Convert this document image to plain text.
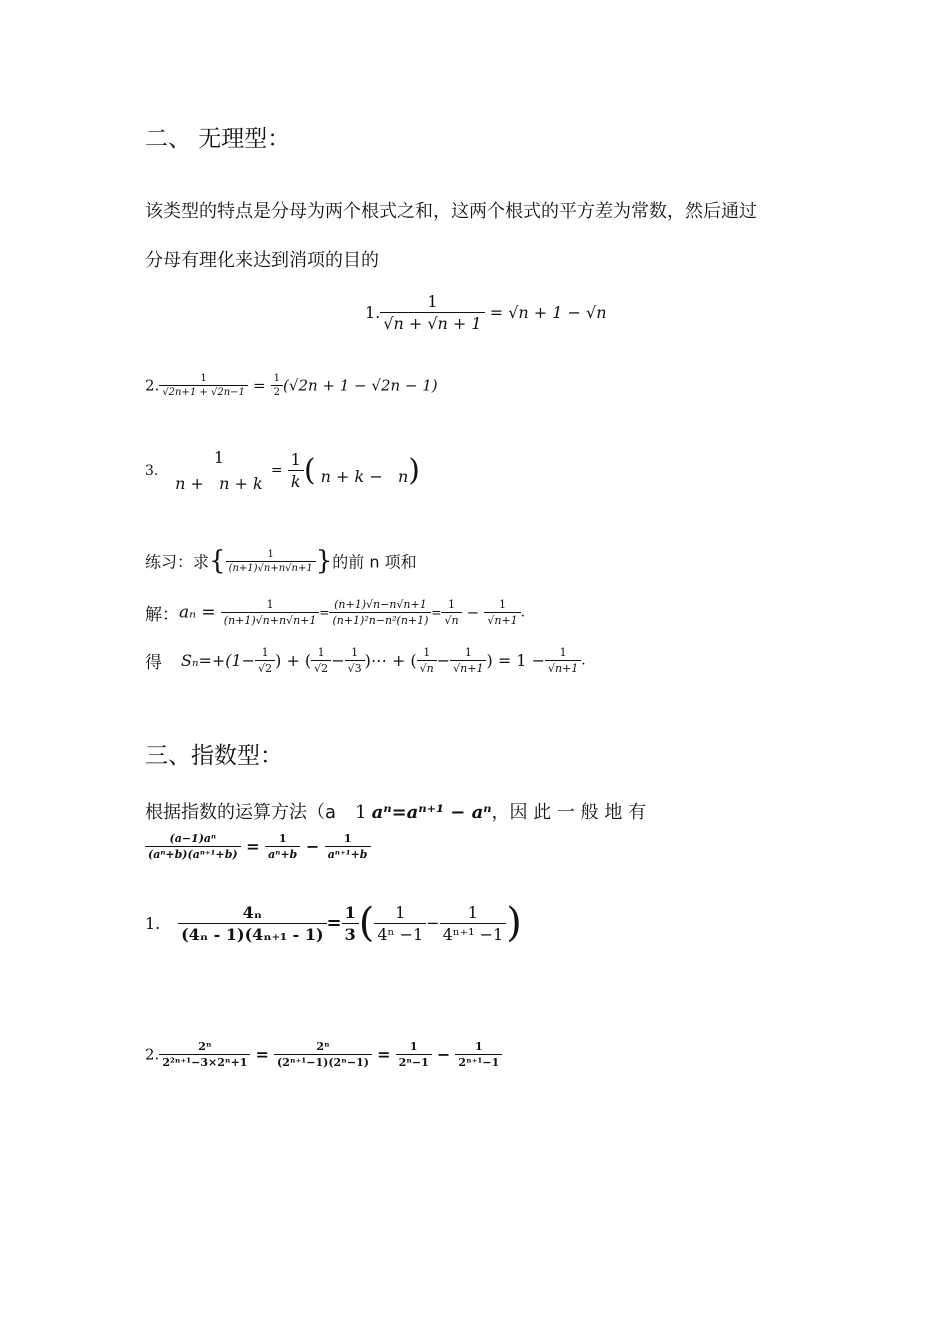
二、 无理型：
该类型的特点是分母为两个根式之和，这两个根式的平方差为常数，然后通过
分母有理化来达到消项的目的
1. $\frac{1}{√n + √n + 1} = √n + 1 - √n$
2. $\frac{1}{√2n+1 + √2n-1} = \frac{1}{2} (√2n + 1 - √2n - 1)$
3.
1
n +   n + k
= $\frac{1}{k}$ ( n + k −   n)
练习：求{ $\frac{1}{(n+1)√n+n√n+1}$ }的前 n 项和
解：$a_n = \frac{1}{(n+1)√n+n√n+1} = \frac{(n+1)√n-n√n+1}{\text{(n+1)²n−n²(n+1)}} = \frac{1}{√n} - \frac{1}{√n+1}$ .
得 $S_n=+(1- \frac{1}{√2}$ ) + ( $\frac{1}{√2} - \frac{1}{√3}$ )⋯ + ( $\frac{1}{√n} - \frac{1}{√n+1}$ ) = $1 - \frac{1}{√n+1}$ .
三、指数型：
根据指数的运算方法（a 1 aⁿ=aⁿ⁺¹ − aⁿ，因 此 一 般 地 有
$\frac{\text{(a−1)aⁿ}}{\text{(aⁿ+b)(aⁿ⁺¹+b)}} = \frac{1}{\text{aⁿ+b}} - \frac{1}{\text{aⁿ⁺¹+b}}$
1. $\frac{\text{4ₙ}}{\text{(4ₙ - 1)(4ₙ₊₁ - 1)}} = \frac{1}{3}$ ( $\frac{1}{\text{4ⁿ −1}} - \frac{1}{\text{4ⁿ⁺¹ −1}}$ )
2. $\frac{\text{2ⁿ}}{\text{2²ⁿ⁺¹−3×2ⁿ+1}} = \frac{\text{2ⁿ}}{\text{(2ⁿ⁺¹−1)(2ⁿ−1)}} = \frac{1}{\text{2ⁿ−1}} - \frac{1}{\text{2ⁿ⁺¹−1}}$
